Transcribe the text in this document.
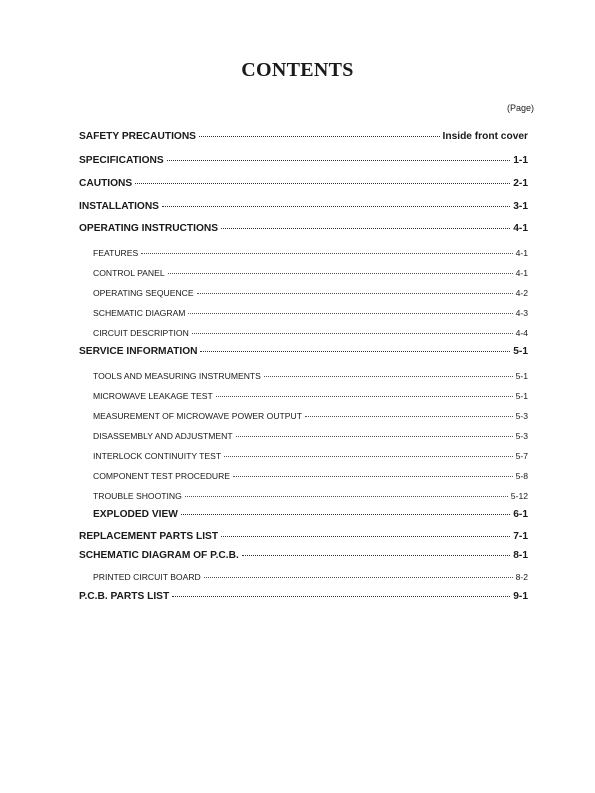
CONTENTS
(Page)
SAFETY PRECAUTIONS	Inside front cover
SPECIFICATIONS	1-1
CAUTIONS	2-1
INSTALLATIONS	3-1
OPERATING INSTRUCTIONS	4-1
FEATURES	4-1
CONTROL PANEL	4-1
OPERATING SEQUENCE	4-2
SCHEMATIC DIAGRAM	4-3
CIRCUIT DESCRIPTION	4-4
SERVICE INFORMATION	5-1
TOOLS AND MEASURING INSTRUMENTS	5-1
MICROWAVE LEAKAGE TEST	5-1
MEASUREMENT OF MICROWAVE POWER OUTPUT	5-3
DISASSEMBLY AND ADJUSTMENT	5-3
INTERLOCK CONTINUITY TEST	5-7
COMPONENT TEST PROCEDURE	5-8
TROUBLE SHOOTING	5-12
EXPLODED VIEW	6-1
REPLACEMENT PARTS LIST	7-1
SCHEMATIC DIAGRAM OF P.C.B.	8-1
PRINTED CIRCUIT BOARD	8-2
P.C.B. PARTS LIST	9-1
